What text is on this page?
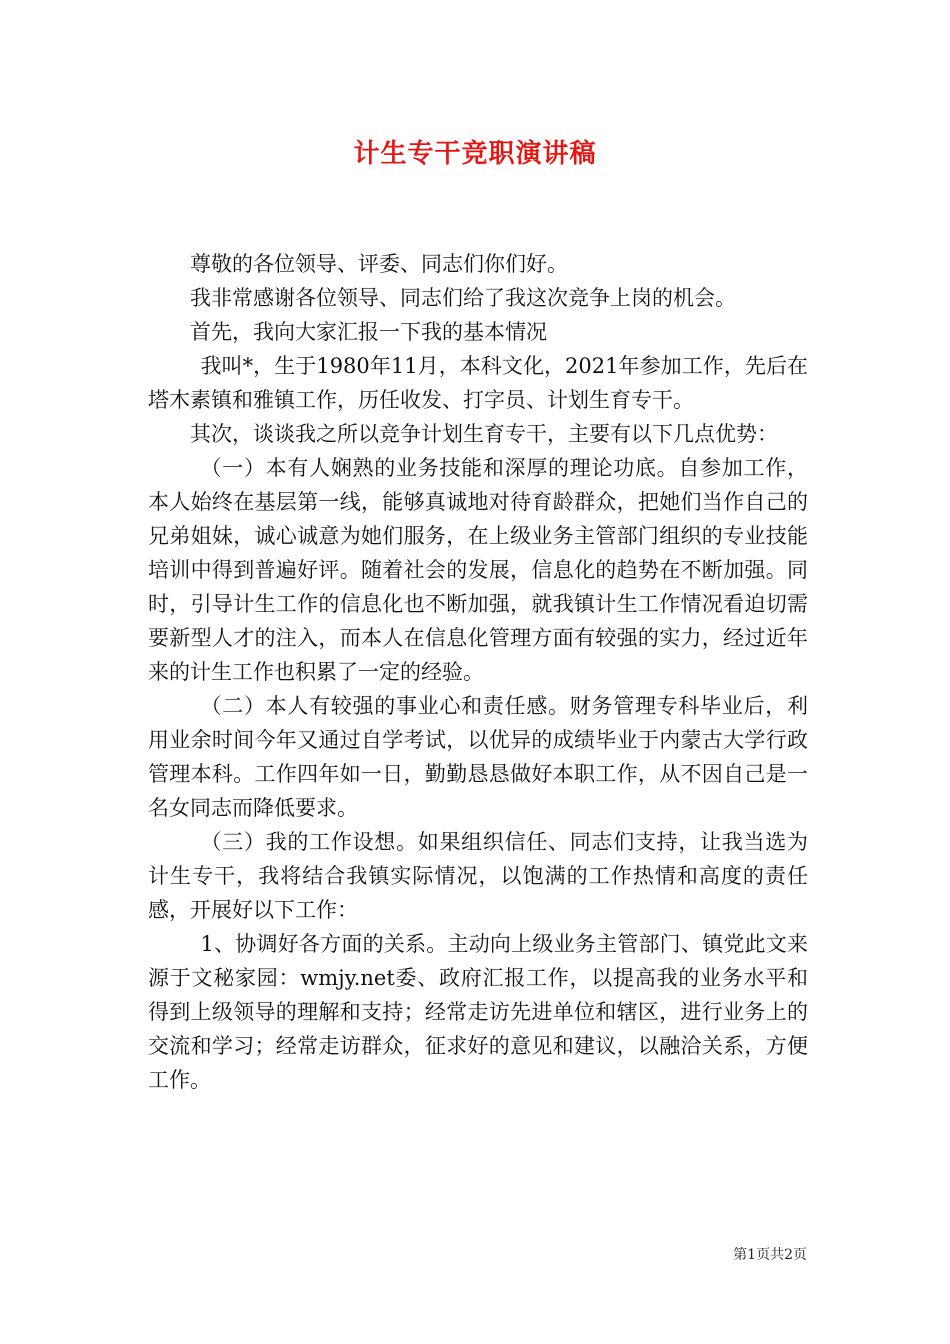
计生专干竞职演讲稿

尊敬的各位领导、评委、同志们你们好。

我非常感谢各位领导、同志们给了我这次竞争上岗的机会。

首先，我向大家汇报一下我的基本情况

我叫*，生于1980年11月，本科文化，2021年参加工作，先后在塔木素镇和雅镇工作，历任收发、打字员、计划生育专干。

其次，谈谈我之所以竞争计划生育专干，主要有以下几点优势：

（一）本有人娴熟的业务技能和深厚的理论功底。自参加工作，本人始终在基层第一线，能够真诚地对待育龄群众，把她们当作自己的兄弟姐妹，诚心诚意为她们服务，在上级业务主管部门组织的专业技能培训中得到普遍好评。随着社会的发展，信息化的趋势在不断加强。同时，引导计生工作的信息化也不断加强，就我镇计生工作情况看迫切需要新型人才的注入，而本人在信息化管理方面有较强的实力，经过近年来的计生工作也积累了一定的经验。

（二）本人有较强的事业心和责任感。财务管理专科毕业后，利用业余时间今年又通过自学考试，以优异的成绩毕业于内蒙古大学行政管理本科。工作四年如一日，勤勤恳恳做好本职工作，从不因自己是一名女同志而降低要求。

（三）我的工作设想。如果组织信任、同志们支持，让我当选为计生专干，我将结合我镇实际情况，以饱满的工作热情和高度的责任感，开展好以下工作：

1、协调好各方面的关系。主动向上级业务主管部门、镇党此文来源于文秘家园：wmjy.net委、政府汇报工作，以提高我的业务水平和得到上级领导的理解和支持；经常走访先进单位和辖区，进行业务上的交流和学习；经常走访群众，征求好的意见和建议，以融洽关系，方便工作。

第1页共2页
